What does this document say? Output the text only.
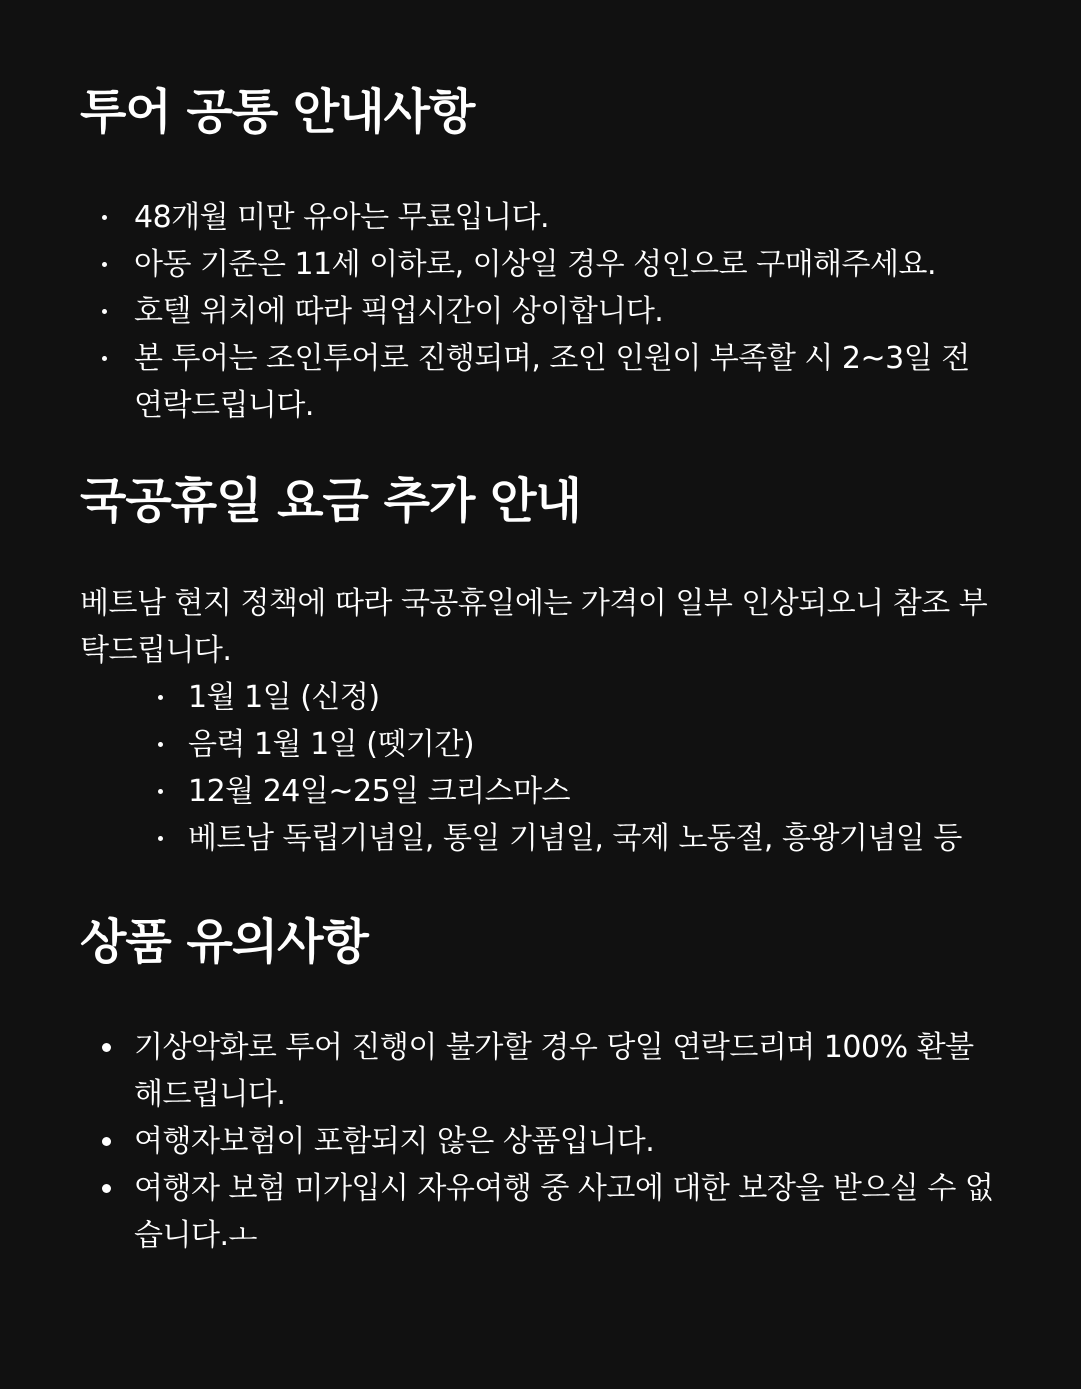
투어 공통 안내사항
48개월 미만 유아는 무료입니다.
아동 기준은 11세 이하로, 이상일 경우 성인으로 구매해주세요.
호텔 위치에 따라 픽업시간이 상이합니다.
본 투어는 조인투어로 진행되며, 조인 인원이 부족할 시 2~3일 전 연락드립니다.
국공휴일 요금 추가 안내

베트남 현지 정책에 따라 국공휴일에는 가격이 일부 인상되오니 참조 부탁드립니다.

1월 1일 (신정)
음력 1월 1일 (뗏기간)
12월 24일~25일 크리스마스
베트남 독립기념일, 통일 기념일, 국제 노동절, 흥왕기념일 등
상품 유의사항
기상악화로 투어 진행이 불가할 경우 당일 연락드리며 100% 환불해드립니다.
여행자보험이 포함되지 않은 상품입니다.
여행자 보험 미가입시 자유여행 중 사고에 대한 보장을 받으실 수 없습니다.ㅗ
